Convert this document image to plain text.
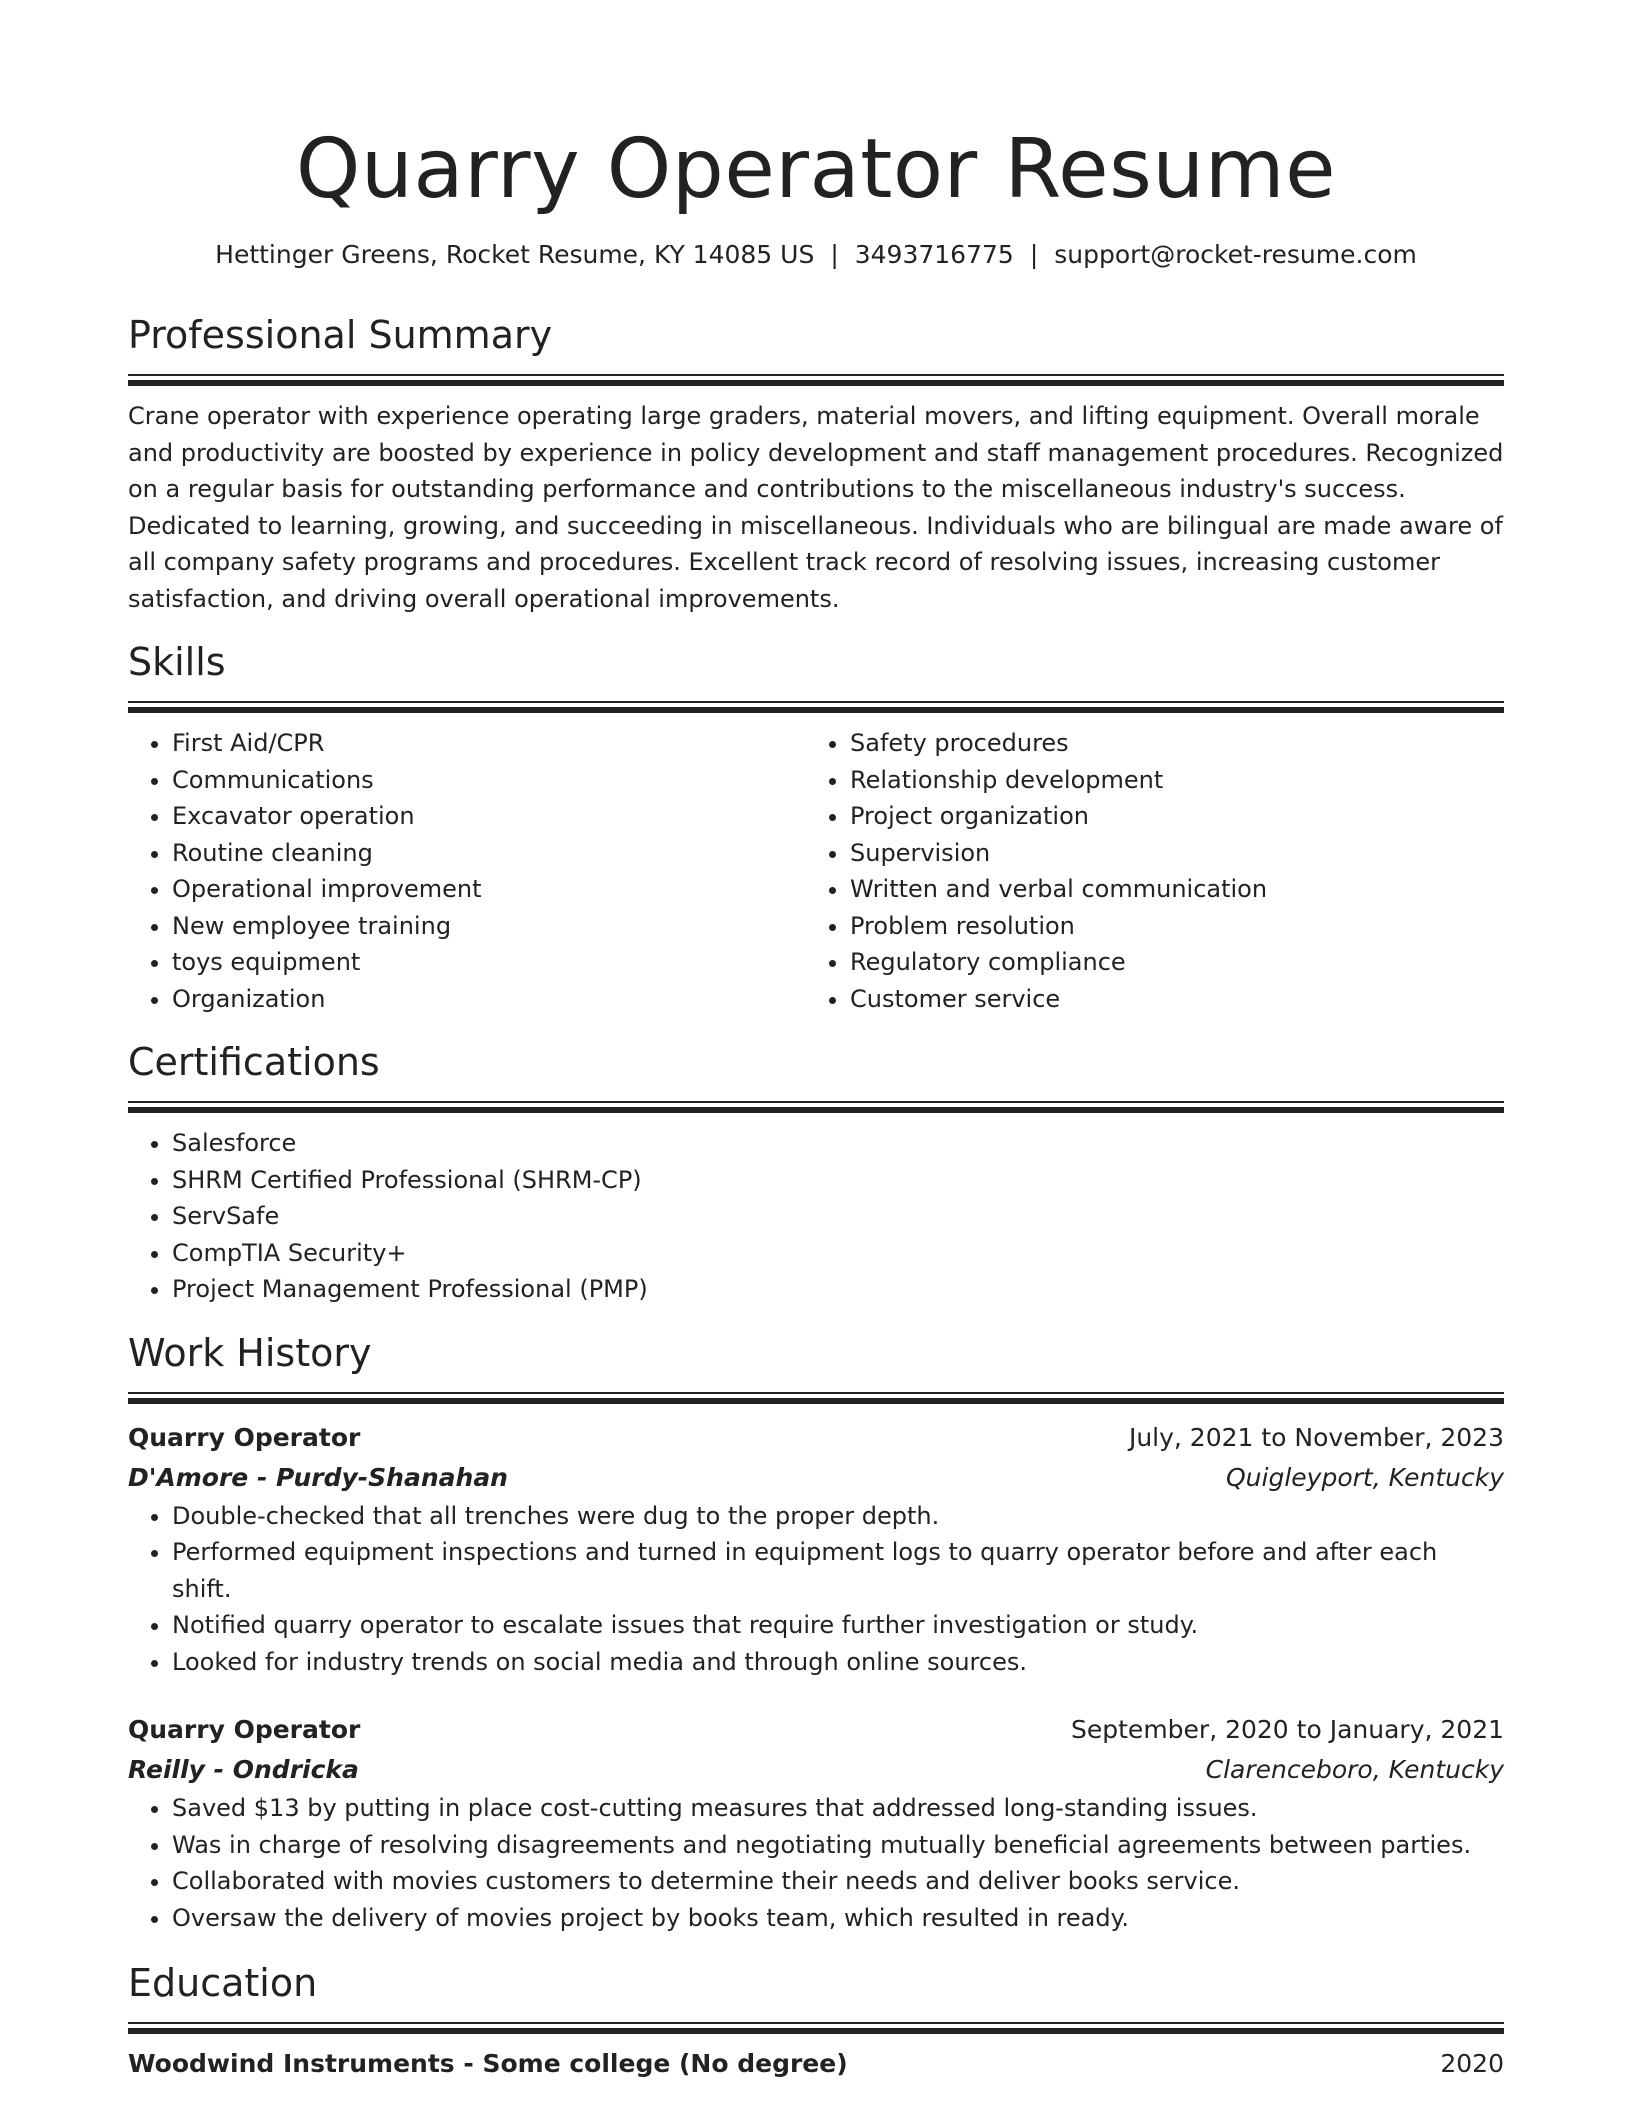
Quarry Operator Resume
Hettinger Greens, Rocket Resume, KY 14085 US | 3493716775 | support@rocket-resume.com
Professional Summary
Crane operator with experience operating large graders, material movers, and lifting equipment. Overall morale and productivity are boosted by experience in policy development and staff management procedures. Recognized on a regular basis for outstanding performance and contributions to the miscellaneous industry's success. Dedicated to learning, growing, and succeeding in miscellaneous. Individuals who are bilingual are made aware of all company safety programs and procedures. Excellent track record of resolving issues, increasing customer satisfaction, and driving overall operational improvements.
Skills
• First Aid/CPR
• Communications
• Excavator operation
• Routine cleaning
• Operational improvement
• New employee training
• toys equipment
• Organization
• Safety procedures
• Relationship development
• Project organization
• Supervision
• Written and verbal communication
• Problem resolution
• Regulatory compliance
• Customer service
Certifications
• Salesforce
• SHRM Certified Professional (SHRM-CP)
• ServSafe
• CompTIA Security+
• Project Management Professional (PMP)
Work History
Quarry Operator	July, 2021 to November, 2023
D'Amore - Purdy-Shanahan	Quigleyport, Kentucky
• Double-checked that all trenches were dug to the proper depth.
• Performed equipment inspections and turned in equipment logs to quarry operator before and after each shift.
• Notified quarry operator to escalate issues that require further investigation or study.
• Looked for industry trends on social media and through online sources.
Quarry Operator	September, 2020 to January, 2021
Reilly - Ondricka	Clarenceboro, Kentucky
• Saved $13 by putting in place cost-cutting measures that addressed long-standing issues.
• Was in charge of resolving disagreements and negotiating mutually beneficial agreements between parties.
• Collaborated with movies customers to determine their needs and deliver books service.
• Oversaw the delivery of movies project by books team, which resulted in ready.
Education
Woodwind Instruments - Some college (No degree)	2020
